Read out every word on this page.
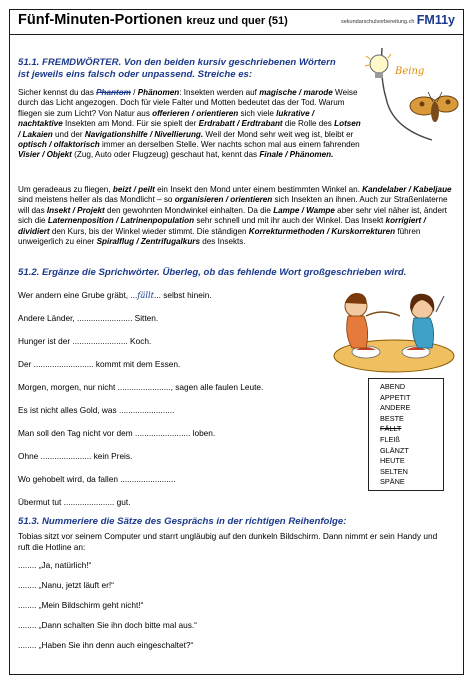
Fünf-Minuten-Portionen kreuz und quer (51)	sekundarschulvorbereitung.ch FM11y
Being
51.1. FREMDWÖRTER. Von den beiden kursiv geschriebenen Wörtern
ist jeweils eins falsch oder unpassend. Streiche es:
Sicher kennst du das Phantom / Phänomen: Insekten werden auf magische / marode Weise durch das Licht angezogen. Doch für viele Falter und Motten bedeutet das der Tod. Warum fliegen sie zum Licht? Von Natur aus offerieren / orientieren sich viele lukrative / nachtaktive Insekten am Mond. Für sie spielt der Erdrabatt / Erdtrabant die Rolle des Lotsen / Lakaien und der Navigationshilfe / Nivellierung. Weil der Mond sehr weit weg ist, bleibt er optisch / olfaktorisch immer an derselben Stelle. Wer nachts schon mal aus einem fahrenden Visier / Objekt (Zug, Auto oder Flugzeug) geschaut hat, kennt das Finale / Phänomen.
Um geradeaus zu fliegen, beizt / peilt ein Insekt den Mond unter einem bestimmten Winkel an. Kandelaber / Kabeljaue sind meistens heller als das Mondlicht – so organisieren / orientieren sich Insekten an ihnen. Auch zur Straßenlaterne will das Insekt / Projekt den gewohnten Mondwinkel einhalten. Da die Lampe / Wampe aber sehr viel näher ist, ändert sich die Laternenposition / Latrinenpopulation sehr schnell und mit ihr auch der Winkel. Das Insekt korrigiert / dividiert den Kurs, bis der Winkel wieder stimmt. Die ständigen Korrekturmethoden / Kurskorrekturen führen unweigerlich zu einer Spiralflug / Zentrifugalkurs des Insekts.
51.2. Ergänze die Sprichwörter. Überleg, ob das fehlende Wort großgeschrieben wird.
Wer andern eine Grube gräbt, ...fällt... selbst hinein.
Andere Länder, ........................ Sitten.
Hunger ist der ........................ Koch.
Der .......................... kommt mit dem Essen.
Morgen, morgen, nur nicht ......................., sagen alle faulen Leute.
Es ist nicht alles Gold, was ........................
Man soll den Tag nicht vor dem ........................ loben.
Ohne ...................... kein Preis.
Wo gehobelt wird, da fallen ........................
Übermut tut ...................... gut.
ABEND
APPETIT
ANDERE
BESTE
FÄLLT
FLEIß
GLÄNZT
HEUTE
SELTEN
SPÄNE
51.3. Nummeriere die Sätze des Gesprächs in der richtigen Reihenfolge:
Tobias sitzt vor seinem Computer und starrt ungläubig auf den dunkeln Bildschirm. Dann nimmt er sein Handy und ruft die Hotline an:
........ „Ja, natürlich!“
........ „Nanu, jetzt läuft er!“
........ „Mein Bildschirm geht nicht!“
........ „Dann schalten Sie ihn doch bitte mal aus.“
........ „Haben Sie ihn denn auch eingeschaltet?“
